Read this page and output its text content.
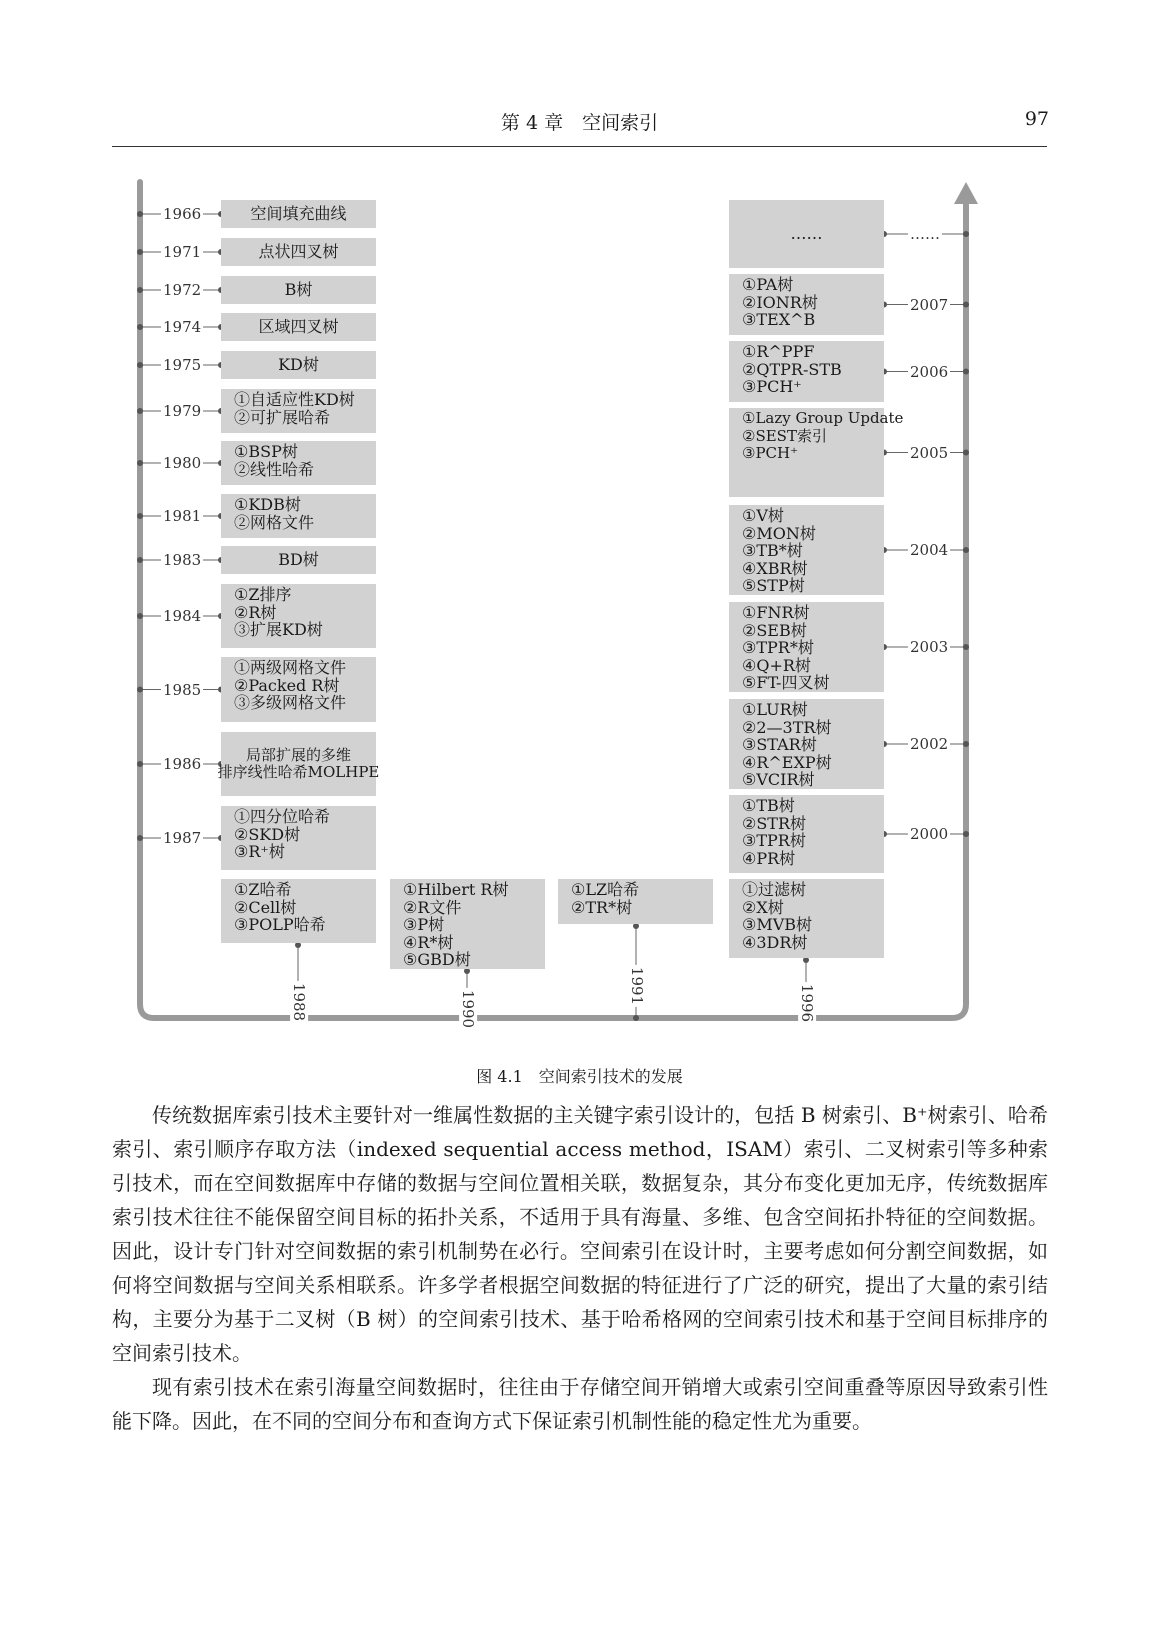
第 4 章　空间索引	97
空间填充曲线
1966
点状四叉树
1971
B树
1972
区域四叉树
1974
KD树
1975
①自适应性KD树
②可扩展哈希
1979
①BSP树
②线性哈希
1980
①KDB树
②网格文件
1981
BD树
1983
①Z排序
②R树
③扩展KD树
1984
①两级网格文件
②Packed R树
③多级网格文件
1985
局部扩展的多维
排序线性哈希MOLHPE
1986
①四分位哈希
②SKD树
③R⁺树
1987
①Z哈希
②Cell树
③POLP哈希
1988
①Hilbert R树
②R文件
③P树
④R*树
⑤GBD树
1990
①LZ哈希
②TR*树
1991
①过滤树
②X树
③MVB树
④3DR树
1996
①TB树
②STR树
③TPR树
④PR树
2000
①LUR树
②2—3TR树
③STAR树
④R^EXP树
⑤VCIR树
2002
①FNR树
②SEB树
③TPR*树
④Q+R树
⑤FT-四叉树
2003
①V树
②MON树
③TB*树
④XBR树
⑤STP树
2004
①Lazy Group Update
②SEST索引
③PCH⁺	2005
①R^PPF
②QTPR-STB
③PCH⁺
2006
①PA树
②IONR树
③TEX^B
2007
……	……
图 4.1　空间索引技术的发展

传统数据库索引技术主要针对一维属性数据的主关键字索引设计的，包括 B 树索引、B⁺树索引、哈希索引、索引顺序存取方法（indexed sequential access method，ISAM）索引、二叉树索引等多种索引技术，而在空间数据库中存储的数据与空间位置相关联，数据复杂，其分布变化更加无序，传统数据库索引技术往往不能保留空间目标的拓扑关系，不适用于具有海量、多维、包含空间拓扑特征的空间数据。因此，设计专门针对空间数据的索引机制势在必行。空间索引在设计时，主要考虑如何分割空间数据，如何将空间数据与空间关系相联系。许多学者根据空间数据的特征进行了广泛的研究，提出了大量的索引结构，主要分为基于二叉树（B 树）的空间索引技术、基于哈希格网的空间索引技术和基于空间目标排序的空间索引技术。

现有索引技术在索引海量空间数据时，往往由于存储空间开销增大或索引空间重叠等原因导致索引性能下降。因此，在不同的空间分布和查询方式下保证索引机制性能的稳定性尤为重要。
